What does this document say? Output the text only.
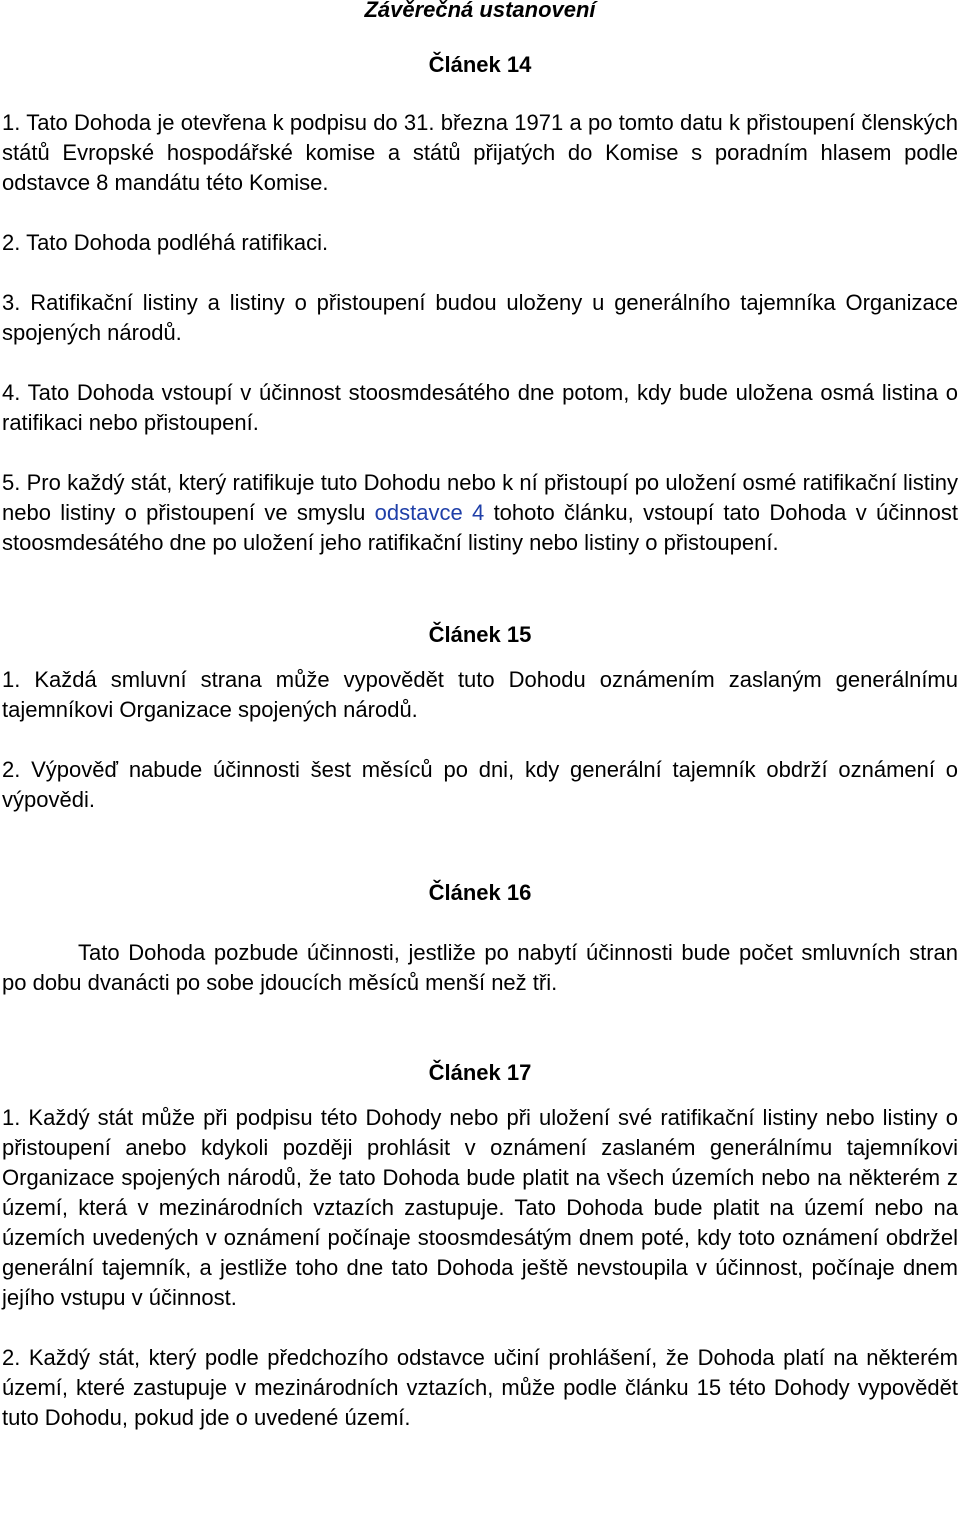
Závěrečná ustanovení
Článek 14

1. Tato Dohoda je otevřena k podpisu do 31. března 1971 a po tomto datu k přistoupení členských států Evropské hospodářské komise a států přijatých do Komise s poradním hlasem podle odstavce 8 mandátu této Komise.

2. Tato Dohoda podléhá ratifikaci.

3. Ratifikační listiny a listiny o přistoupení budou uloženy u generálního tajemníka Organizace spojených národů.

4. Tato Dohoda vstoupí v účinnost stoosmdesátého dne potom, kdy bude uložena osmá listina o ratifikaci nebo přistoupení.

5. Pro každý stát, který ratifikuje tuto Dohodu nebo k ní přistoupí po uložení osmé ratifikační listiny nebo listiny o přistoupení ve smyslu odstavce 4 tohoto článku, vstoupí tato Dohoda v účinnost stoosmdesátého dne po uložení jeho ratifikační listiny nebo listiny o přistoupení.

Článek 15

1. Každá smluvní strana může vypovědět tuto Dohodu oznámením zaslaným generálnímu tajemníkovi Organizace spojených národů.

2. Výpověď nabude účinnosti šest měsíců po dni, kdy generální tajemník obdrží oznámení o výpovědi.

Článek 16

Tato Dohoda pozbude účinnosti, jestliže po nabytí účinnosti bude počet smluvních stran po dobu dvanácti po sobe jdoucích měsíců menší než tři.

Článek 17

1. Každý stát může při podpisu této Dohody nebo při uložení své ratifikační listiny nebo listiny o přistoupení anebo kdykoli později prohlásit v oznámení zaslaném generálnímu tajemníkovi Organizace spojených národů, že tato Dohoda bude platit na všech územích nebo na některém z území, která v mezinárodních vztazích zastupuje. Tato Dohoda bude platit na území nebo na územích uvedených v oznámení počínaje stoosmdesátým dnem poté, kdy toto oznámení obdržel generální tajemník, a jestliže toho dne tato Dohoda ještě nevstoupila v účinnost, počínaje dnem jejího vstupu v účinnost.

2. Každý stát, který podle předchozího odstavce učiní prohlášení, že Dohoda platí na některém území, které zastupuje v mezinárodních vztazích, může podle článku 15 této Dohody vypovědět tuto Dohodu, pokud jde o uvedené území.
